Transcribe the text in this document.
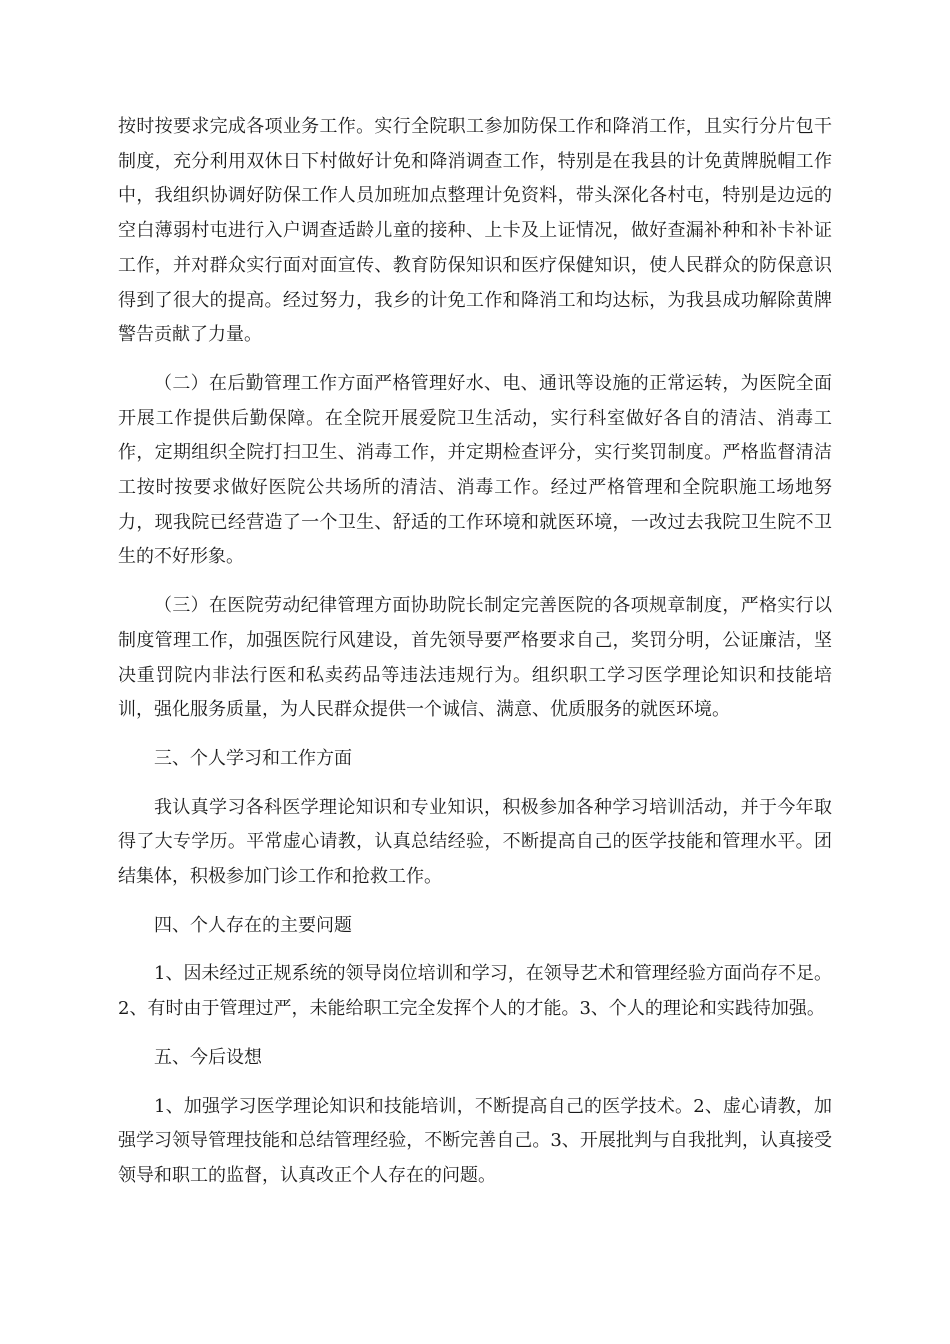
按时按要求完成各项业务工作。实行全院职工参加防保工作和降消工作，且实行分片包干制度，充分利用双休日下村做好计免和降消调查工作，特别是在我县的计免黄牌脱帽工作中，我组织协调好防保工作人员加班加点整理计免资料，带头深化各村屯，特别是边远的空白薄弱村屯进行入户调查适龄儿童的接种、上卡及上证情况，做好查漏补种和补卡补证工作，并对群众实行面对面宣传、教育防保知识和医疗保健知识，使人民群众的防保意识得到了很大的提高。经过努力，我乡的计免工作和降消工和均达标，为我县成功解除黄牌警告贡献了力量。

（二）在后勤管理工作方面严格管理好水、电、通讯等设施的正常运转，为医院全面开展工作提供后勤保障。在全院开展爱院卫生活动，实行科室做好各自的清洁、消毒工作，定期组织全院打扫卫生、消毒工作，并定期检查评分，实行奖罚制度。严格监督清洁工按时按要求做好医院公共场所的清洁、消毒工作。经过严格管理和全院职施工场地努力，现我院已经营造了一个卫生、舒适的工作环境和就医环境，一改过去我院卫生院不卫生的不好形象。

（三）在医院劳动纪律管理方面协助院长制定完善医院的各项规章制度，严格实行以制度管理工作，加强医院行风建设，首先领导要严格要求自己，奖罚分明，公证廉洁，坚决重罚院内非法行医和私卖药品等违法违规行为。组织职工学习医学理论知识和技能培训，强化服务质量，为人民群众提供一个诚信、满意、优质服务的就医环境。

三、个人学习和工作方面

我认真学习各科医学理论知识和专业知识，积极参加各种学习培训活动，并于今年取得了大专学历。平常虚心请教，认真总结经验，不断提高自己的医学技能和管理水平。团结集体，积极参加门诊工作和抢救工作。

四、个人存在的主要问题

1、因未经过正规系统的领导岗位培训和学习，在领导艺术和管理经验方面尚存不足。2、有时由于管理过严，未能给职工完全发挥个人的才能。3、个人的理论和实践待加强。

五、今后设想

1、加强学习医学理论知识和技能培训，不断提高自己的医学技术。2、虚心请教，加强学习领导管理技能和总结管理经验，不断完善自己。3、开展批判与自我批判，认真接受领导和职工的监督，认真改正个人存在的问题。
